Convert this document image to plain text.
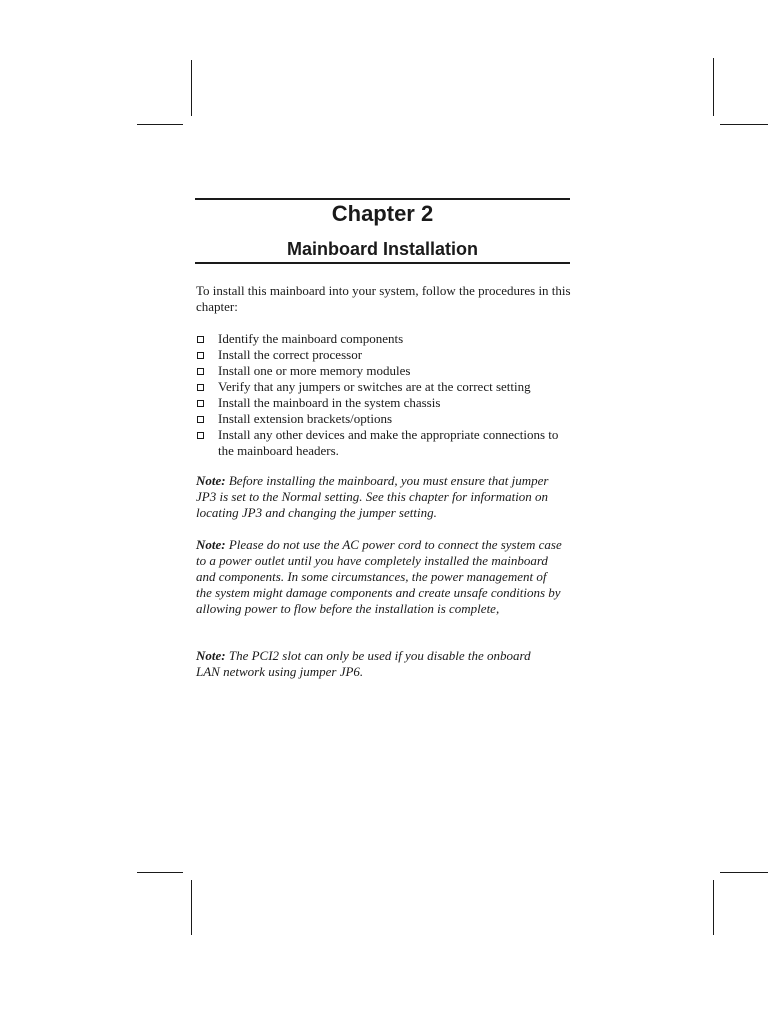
Chapter 2
Mainboard Installation
To install this mainboard into your system, follow the procedures in this chapter:
Identify the mainboard components
Install the correct processor
Install one or more memory modules
Verify that any jumpers or switches are at the correct setting
Install the mainboard in the system chassis
Install extension brackets/options
Install any other devices and make the appropriate connections to the mainboard headers.
Note: Before installing the mainboard, you must ensure that jumper JP3 is set to the Normal setting. See this chapter for information on locating JP3 and changing the jumper setting.
Note: Please do not use the AC power cord to connect the system case to a power outlet until you have completely installed the mainboard and components. In some circumstances, the power management of the system might damage components and create unsafe conditions by allowing power to flow before the installation is complete,
Note: The PCI2 slot can only be used if you disable the onboard LAN network using jumper JP6.
